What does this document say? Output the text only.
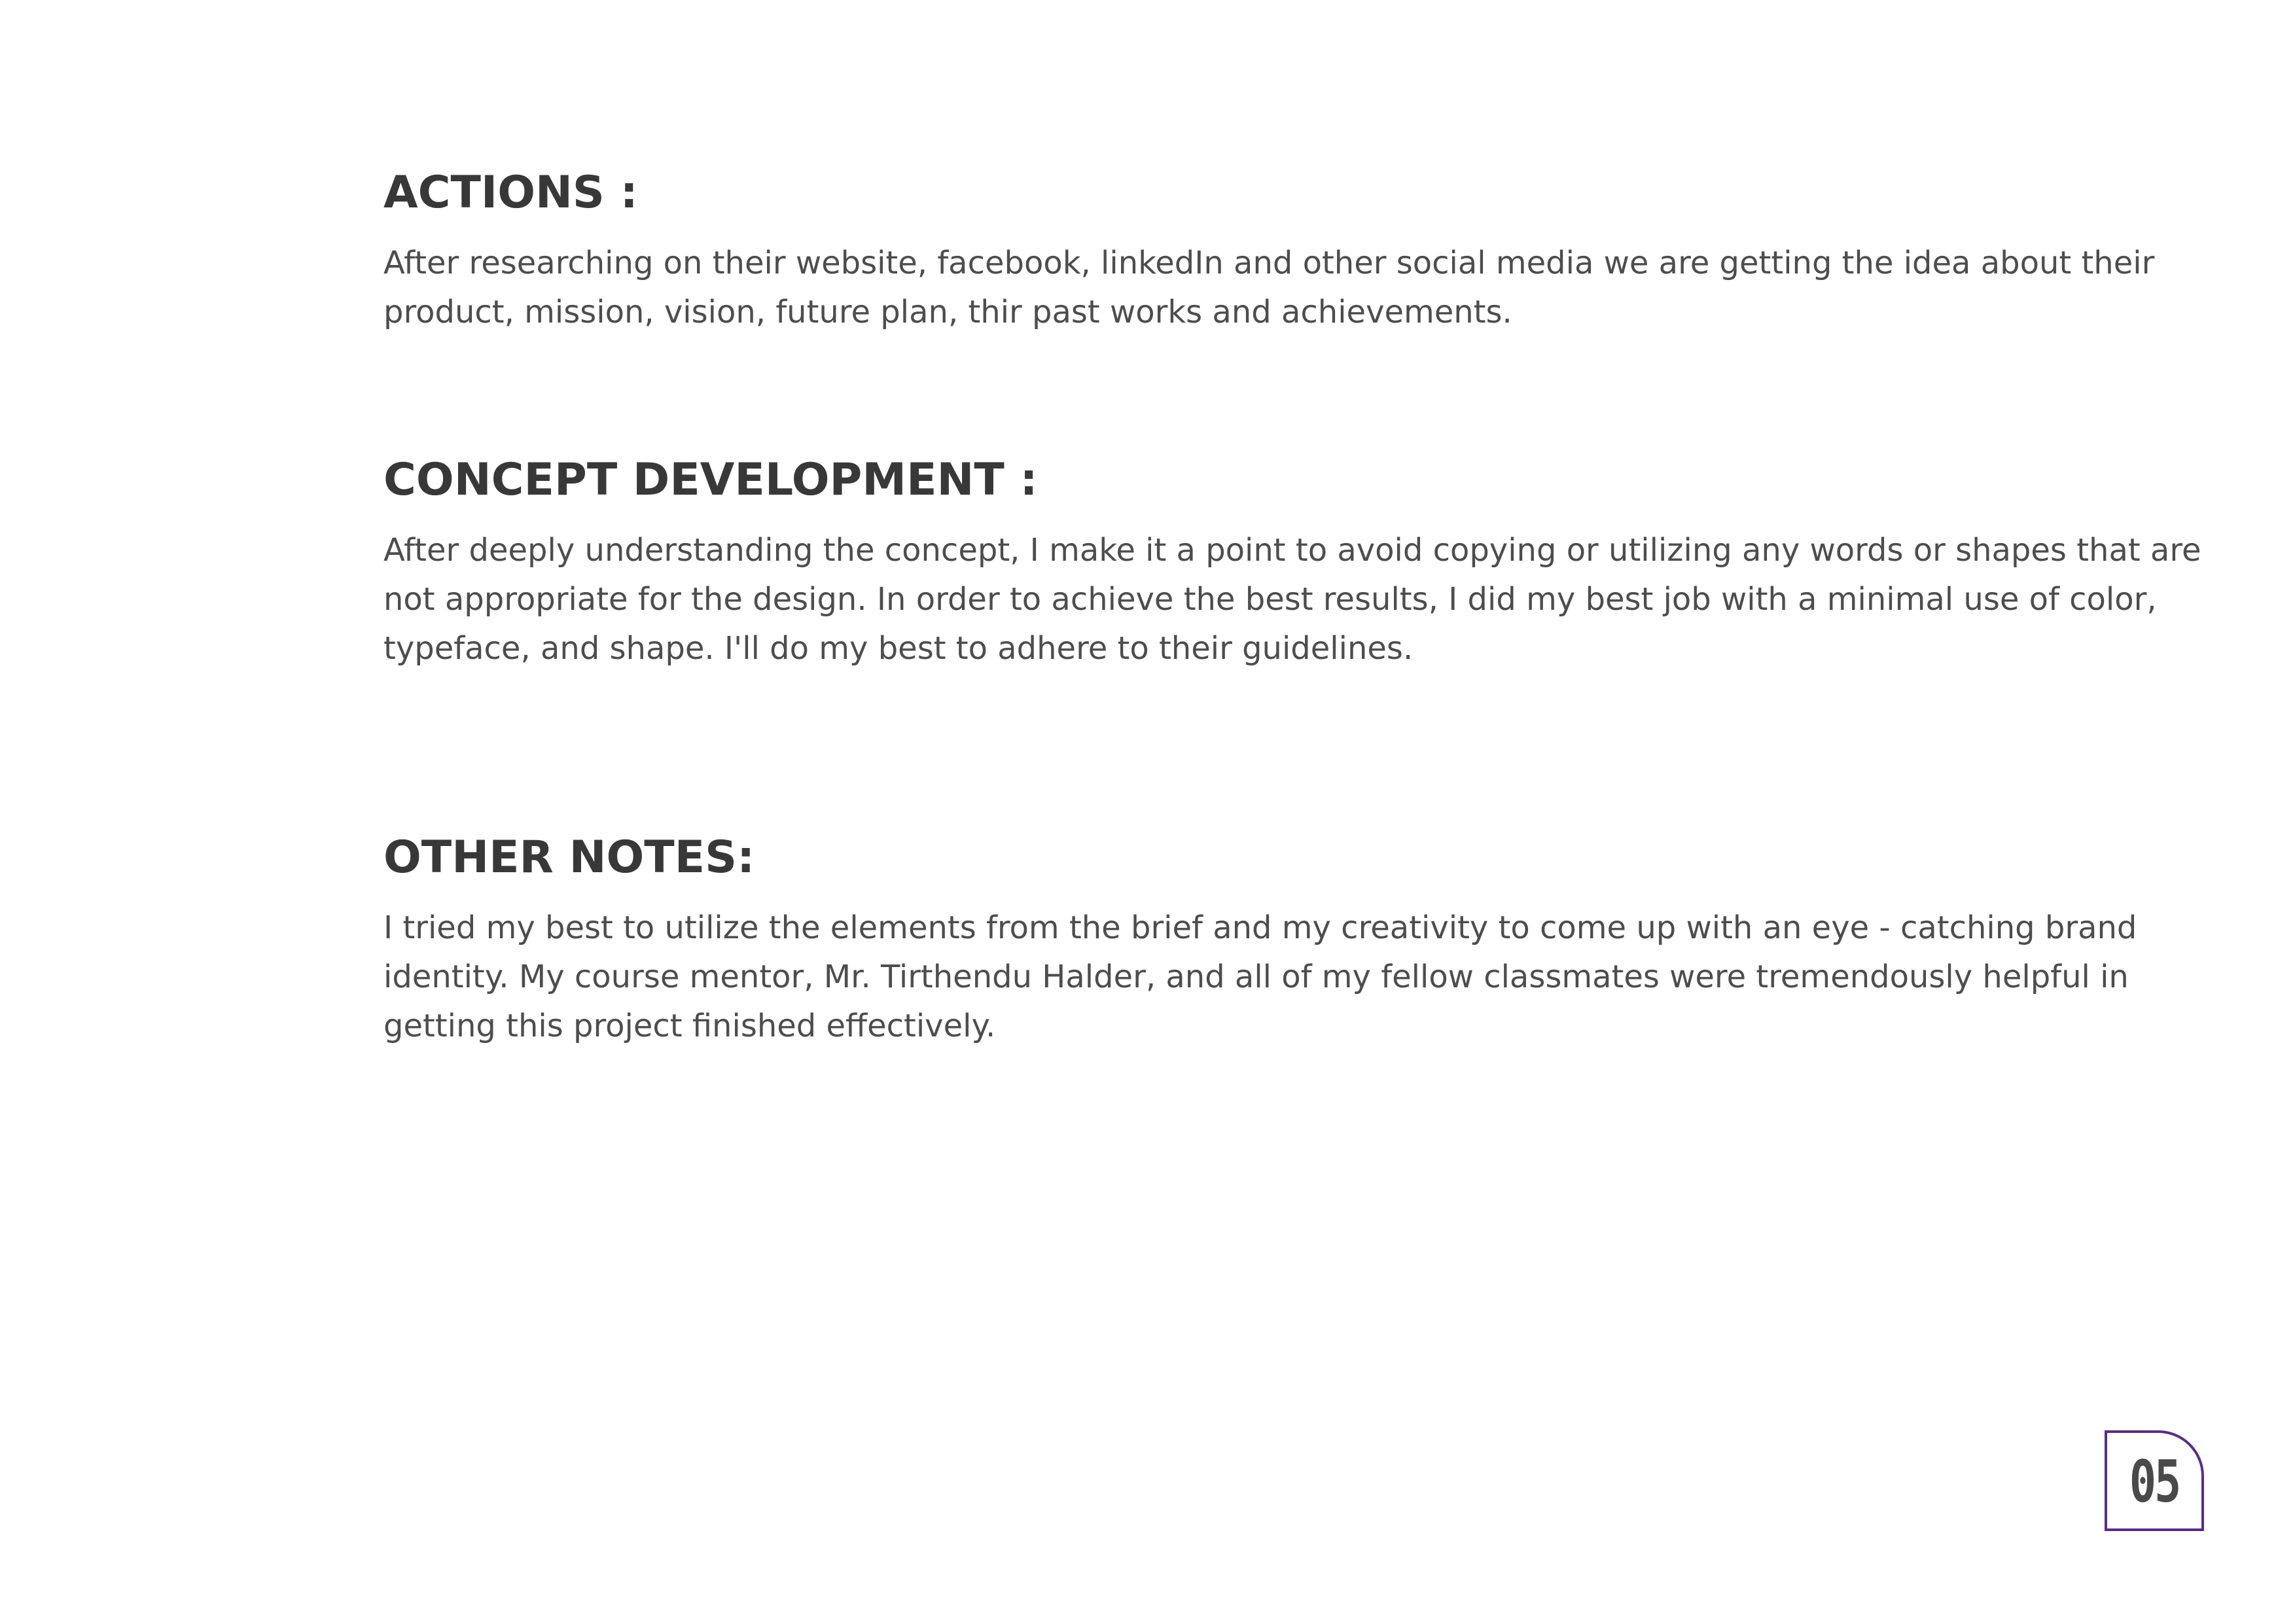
ACTIONS :

After researching on their website, facebook, linkedIn and other social media we are getting the idea about their product, mission, vision, future plan, thir past works and achievements.

CONCEPT DEVELOPMENT :

After deeply understanding the concept, I make it a point to avoid copying or utilizing any words or shapes that are not appropriate for the design. In order to achieve the best results, I did my best job with a minimal use of color, typeface, and shape. I'll do my best to adhere to their guidelines.

OTHER NOTES:

I tried my best to utilize the elements from the brief and my creativity to come up with an eye - catching brand identity. My course mentor, Mr. Tirthendu Halder, and all of my fellow classmates were tremendously helpful in getting this project finished effectively.

05
